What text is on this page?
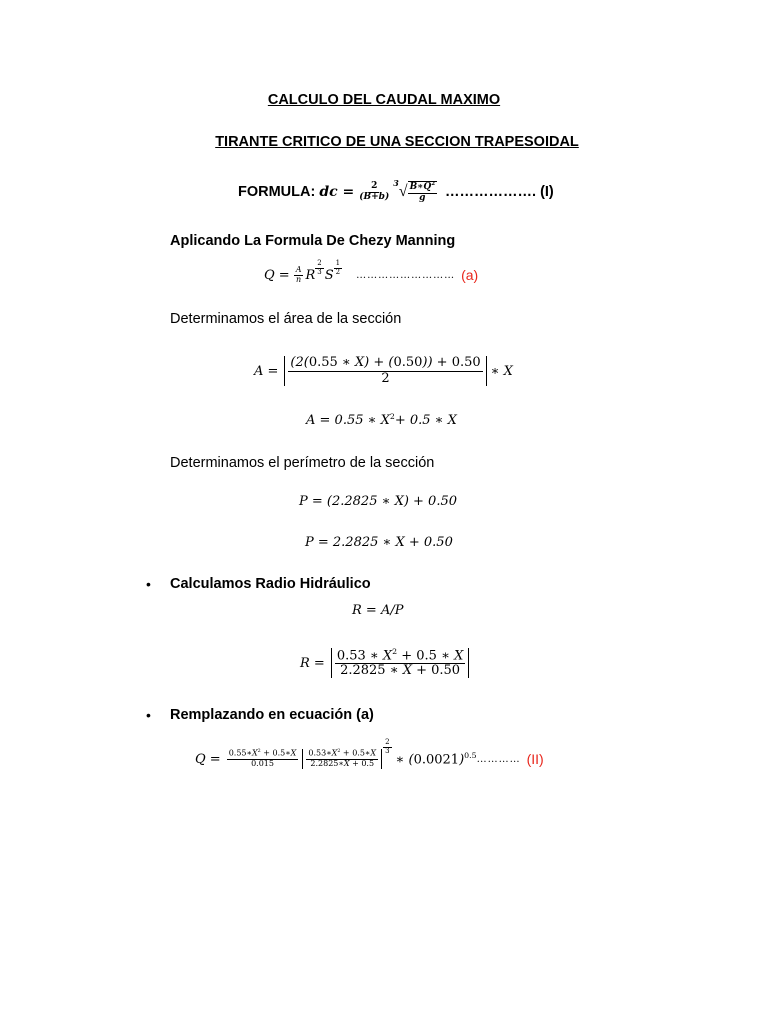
CALCULO DEL CAUDAL MAXIMO
TIRANTE CRITICO DE UNA SECCION TRAPESOIDAL
FORMULA: dc = $\frac{2}{(B+b)} 3$ √ $\frac{B∗Q^2}{g}$ ………………. (I)
Aplicando La Formula De Chezy Manning
$Q = \frac{A}{n}$ R $\frac{2}{3}$ S $\frac{1}{2}$ ……………………… (a)
Determinamos el área de la sección
$A = \frac{(2(0.55 ∗ X) + (0.50)) + 0.50}{2}$ ∗ X
A = 0.55 ∗ $X^2 + 0.5$ ∗ X
Determinamos el perímetro de la sección
P = (2.2825 ∗ X) + 0.50
P = 2.2825 ∗ X + 0.50
• Calculamos Radio Hidráulico
R = A/P
$R = \frac{0.53 ∗ X^2 + 0.5 ∗ X}{2.2825 ∗ X + 0.50}$
• Remplazando en ecuación (a)
$Q = \frac{0.55∗X^2 + 0.5∗X}{0.015} \frac{0.53∗X^2 + 0.5∗X}{2.2825∗X + 0.5}$
$\frac{2}{3}$
∗ $(0.0021)^{0.5}$ ………… (II)
